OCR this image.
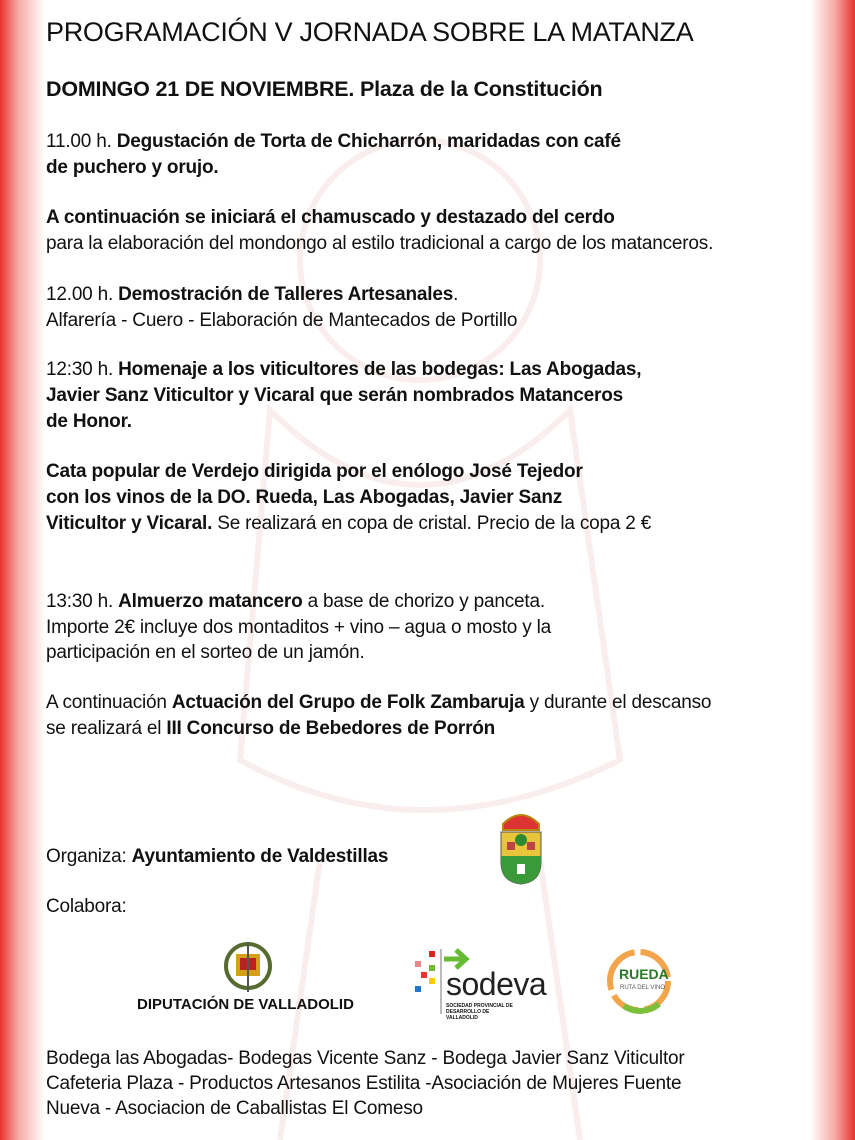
PROGRAMACIÓN V JORNADA SOBRE LA MATANZA
DOMINGO 21 DE NOVIEMBRE. Plaza de la Constitución
11.00 h. Degustación de Torta de Chicharrón, maridadas con café
de puchero y orujo.
A continuación se iniciará el chamuscado y destazado del cerdo
para la elaboración del mondongo al estilo tradicional a cargo de los matanceros.
12.00 h. Demostración de Talleres Artesanales.
Alfarería - Cuero - Elaboración de Mantecados de Portillo
12:30 h. Homenaje a los viticultores de las bodegas: Las Abogadas,
Javier Sanz Viticultor y Vicaral que serán nombrados Matanceros
de Honor.
Cata popular de Verdejo dirigida por el enólogo José Tejedor
con los vinos de la DO. Rueda, Las Abogadas, Javier Sanz
Viticultor y Vicaral. Se realizará en copa de cristal. Precio de la copa 2 €
13:30 h. Almuerzo matancero a base de chorizo y panceta.
Importe 2€ incluye dos montaditos + vino – agua o mosto y la
participación en el sorteo de un jamón.
A continuación Actuación del Grupo de Folk Zambaruja y durante el descanso
se realizará el III Concurso de Bebedores de Porrón
Organiza: Ayuntamiento de Valdestillas
Colabora:
DIPUTACIÓN DE VALLADOLID
sodeva
SOCIEDAD PROVINCIAL DE DESARROLLO DE VALLADOLID
RUEDA
RUTA DEL VINO
Bodega las Abogadas- Bodegas Vicente Sanz - Bodega Javier Sanz Viticultor
Cafeteria Plaza - Productos Artesanos Estilita -Asociación de Mujeres Fuente
Nueva - Asociacion de Caballistas El Comeso
